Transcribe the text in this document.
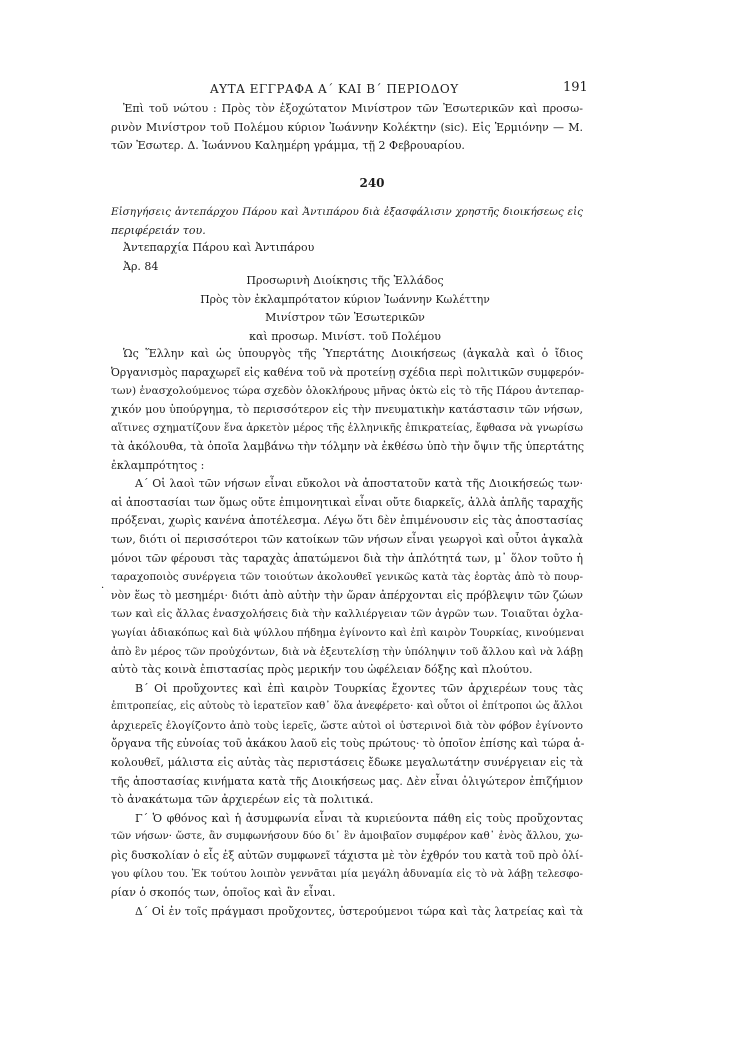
ΑΥΤΑ ΕΓΓΡΑΦΑ Α΄ ΚΑΙ Β΄ ΠΕΡΙΟΔΟΥ	191
Ἐπὶ τοῦ νώτου : Πρὸς τὸν ἐξοχώτατον Μινίστρον τῶν Ἐσωτερικῶν καὶ προσω-
ρινὸν Μινίστρον τοῦ Πολέμου κύριον Ἰωάννην Κολέκτην (sic). Εἰς Ἑρμιόνην — Μ.
τῶν Ἐσωτερ. Δ. Ἰωάννου Καλημέρη γράμμα, τῇ 2 Φεβρουαρίου.
240
Εἰσηγήσεις ἀντεπάρχου Πάρου καὶ Ἀντιπάρου διὰ ἐξασφάλισιν χρηστῆς διοικήσεως εἰς
περιφέρειάν του.
Ἀντεπαρχία Πάρου καὶ Ἀντιπάρου
Ἀρ. 84
Προσωρινὴ Διοίκησις τῆς Ἑλλάδος
Πρὸς τὸν ἐκλαμπρότατον κύριον Ἰωάννην Κωλέττην
Μινίστρον τῶν Ἐσωτερικῶν
καὶ προσωρ. Μινίστ. τοῦ Πολέμου
Ὡς Ἕλλην καὶ ὡς ὑπουργὸς τῆς Ὑπερτάτης Διοικήσεως (ἀγκαλὰ καὶ ὁ ἴδιος
Ὀργανισμὸς παραχωρεῖ εἰς καθένα τοῦ νὰ προτείνῃ σχέδια περὶ πολιτικῶν συμφερόν-
των) ἐνασχολούμενος τώρα σχεδὸν ὁλοκλήρους μῆνας ὀκτὼ εἰς τὸ τῆς Πάρου ἀντεπαρ-
χικόν μου ὑπούργημα, τὸ περισσότερον εἰς τὴν πνευματικὴν κατάστασιν τῶν νήσων,
αἵτινες σχηματίζουν ἕνα ἀρκετὸν μέρος τῆς ἑλληνικῆς ἐπικρατείας, ἔφθασα νὰ γνωρίσω
τὰ ἀκόλουθα, τὰ ὁποῖα λαμβάνω τὴν τόλμην νὰ ἐκθέσω ὑπὸ τὴν ὄψιν τῆς ὑπερτάτης
ἐκλαμπρότητος :
Α΄ Οἱ λαοὶ τῶν νήσων εἶναι εὔκολοι νὰ ἀποστατοῦν κατὰ τῆς Διοικήσεώς των·
αἱ ἀποστασίαι των ὅμως οὔτε ἐπιμονητικαὶ εἶναι οὔτε διαρκεῖς, ἀλλὰ ἁπλῆς ταραχῆς
πρόξεναι, χωρὶς κανένα ἀποτέλεσμα. Λέγω ὅτι δὲν ἐπιμένουσιν εἰς τὰς ἀποστασίας
των, διότι οἱ περισσότεροι τῶν κατοίκων τῶν νήσων εἶναι γεωργοὶ καὶ οὗτοι ἀγκαλὰ
μόνοι τῶν φέρουσι τὰς ταραχὰς ἀπατώμενοι διὰ τὴν ἁπλότητά των, μ᾽ ὅλον τοῦτο ἡ
ταραχοποιὸς συνέργεια τῶν τοιούτων ἀκολουθεῖ γενικῶς κατὰ τὰς ἑορτὰς ἀπὸ τὸ πουρ-
νὸν ἕως τὸ μεσημέρι· διότι ἀπὸ αὐτὴν τὴν ὥραν ἀπέρχονται εἰς πρόβλεψιν τῶν ζώων
των καὶ εἰς ἄλλας ἐνασχολήσεις διὰ τὴν καλλιέργειαν τῶν ἀγρῶν των. Τοιαῦται ὀχλα-
γωγίαι ἀδιακόπως καὶ διὰ ψύλλου πήδημα ἐγίνοντο καὶ ἐπὶ καιρὸν Τουρκίας, κινούμεναι
ἀπὸ ἓν μέρος τῶν προὐχόντων, διὰ νὰ ἐξευτελίσῃ τὴν ὑπόληψιν τοῦ ἄλλου καὶ νὰ λάβῃ
αὐτὸ τὰς κοινὰ ἐπιστασίας πρὸς μερικήν του ὠφέλειαν δόξης καὶ πλούτου.
Β΄ Οἱ προὔχοντες καὶ ἐπὶ καιρὸν Τουρκίας ἔχοντες τῶν ἀρχιερέων τους τὰς
ἐπιτροπείας, εἰς αὐτοὺς τὸ ἱερατεῖον καθ᾽ ὅλα ἀνεφέρετο· καὶ οὗτοι οἱ ἐπίτροποι ὡς ἄλλοι
ἀρχιερεῖς ἐλογίζοντο ἀπὸ τοὺς ἱερεῖς, ὥστε αὐτοὶ οἱ ὑστερινοὶ διὰ τὸν φόβον ἐγίνοντο
ὄργανα τῆς εὐνοίας τοῦ ἀκάκου λαοῦ εἰς τοὺς πρώτους· τὸ ὁποῖον ἐπίσης καὶ τώρα ἀ-
κολουθεῖ, μάλιστα εἰς αὐτὰς τὰς περιστάσεις ἔδωκε μεγαλωτάτην συνέργειαν εἰς τὰ
τῆς ἀποστασίας κινήματα κατὰ τῆς Διοικήσεως μας. Δὲν εἶναι ὀλιγώτερον ἐπιζήμιον
τὸ ἀνακάτωμα τῶν ἀρχιερέων εἰς τὰ πολιτικά.
Γ΄ Ὁ φθόνος καὶ ἡ ἀσυμφωνία εἶναι τὰ κυριεύοντα πάθη εἰς τοὺς προὔχοντας
τῶν νήσων· ὥστε, ἂν συμφωνήσουν δύο δι᾽ ἓν ἀμοιβαῖον συμφέρον καθ᾽ ἑνὸς ἄλλου, χω-
ρὶς δυσκολίαν ὁ εἷς ἐξ αὐτῶν συμφωνεῖ τάχιστα μὲ τὸν ἐχθρόν του κατὰ τοῦ πρὸ ὀλί-
γου φίλου του. Ἐκ τούτου λοιπὸν γεννᾶται μία μεγάλη ἀδυναμία εἰς τὸ νὰ λάβῃ τελεσφο-
ρίαν ὁ σκοπός των, ὁποῖος καὶ ἂν εἶναι.
Δ΄ Οἱ ἐν τοῖς πράγμασι προὔχοντες, ὑστερούμενοι τώρα καὶ τὰς λατρείας καὶ τὰ
·
